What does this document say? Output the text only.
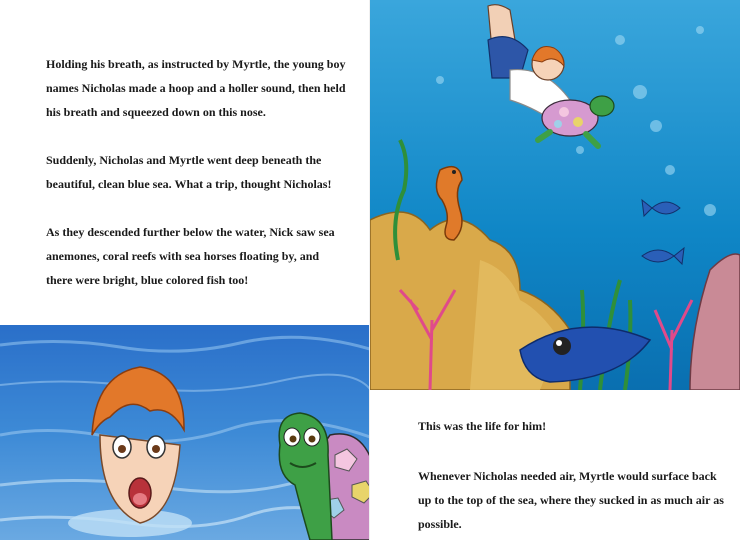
Holding his breath, as instructed by Myrtle, the young boy names Nicholas made a hoop and a holler sound, then held his breath and squeezed down on this nose.

Suddenly, Nicholas and Myrtle went deep beneath the beautiful, clean blue sea. What a trip, thought Nicholas!

As they descended further below the water, Nick saw sea anemones, coral reefs with sea horses floating by, and there were bright, blue colored fish too!

This was the life for him!

Whenever Nicholas needed air, Myrtle would surface back up to the top of the sea, where they sucked in as much air as possible.
